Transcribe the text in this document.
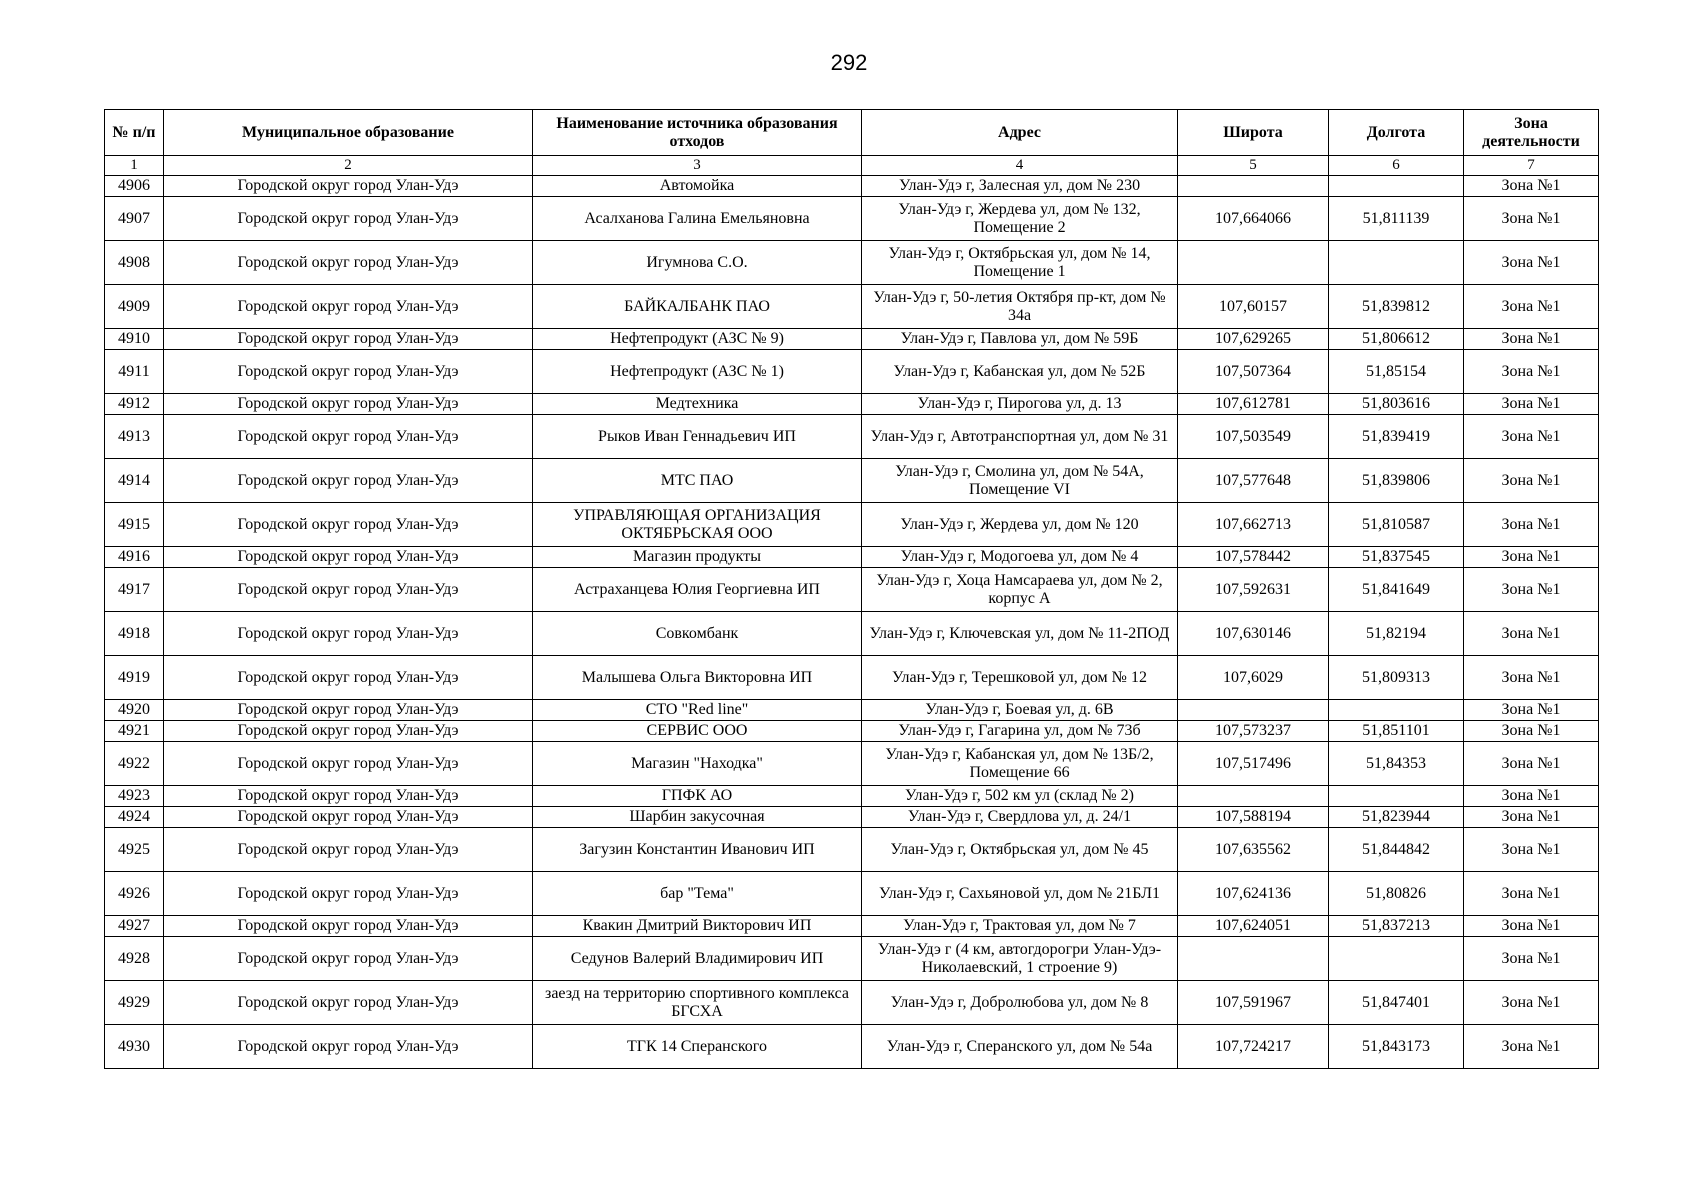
292
№ п/п	Муниципальное образование	Наименование источника образования отходов	Адрес	Широта	Долгота	Зона деятельности
1	2	3	4	5	6	7
4906	Городской округ город Улан-Удэ	Автомойка	Улан-Удэ г, Залесная ул, дом № 230			Зона №1
4907	Городской округ город Улан-Удэ	Асалханова Галина Емельяновна	Улан-Удэ г, Жердева ул, дом № 132, Помещение 2	107,664066	51,811139	Зона №1
4908	Городской округ город Улан-Удэ	Игумнова С.О.	Улан-Удэ г, Октябрьская ул, дом № 14, Помещение 1			Зона №1
4909	Городской округ город Улан-Удэ	БАЙКАЛБАНК ПАО	Улан-Удэ г, 50-летия Октября пр-кт, дом № 34а	107,60157	51,839812	Зона №1
4910	Городской округ город Улан-Удэ	Нефтепродукт (АЗС № 9)	Улан-Удэ г, Павлова ул, дом № 59Б	107,629265	51,806612	Зона №1
4911	Городской округ город Улан-Удэ	Нефтепродукт (АЗС № 1)	Улан-Удэ г, Кабанская ул, дом № 52Б	107,507364	51,85154	Зона №1
4912	Городской округ город Улан-Удэ	Медтехника	Улан-Удэ г, Пирогова ул, д. 13	107,612781	51,803616	Зона №1
4913	Городской округ город Улан-Удэ	Рыков Иван Геннадьевич ИП	Улан-Удэ г, Автотранспортная ул, дом № 31	107,503549	51,839419	Зона №1
4914	Городской округ город Улан-Удэ	МТС ПАО	Улан-Удэ г, Смолина ул, дом № 54А, Помещение VI	107,577648	51,839806	Зона №1
4915	Городской округ город Улан-Удэ	УПРАВЛЯЮЩАЯ ОРГАНИЗАЦИЯ ОКТЯБРЬСКАЯ ООО	Улан-Удэ г, Жердева ул, дом № 120	107,662713	51,810587	Зона №1
4916	Городской округ город Улан-Удэ	Магазин продукты	Улан-Удэ г, Модогоева ул, дом № 4	107,578442	51,837545	Зона №1
4917	Городской округ город Улан-Удэ	Астраханцева Юлия Георгиевна ИП	Улан-Удэ г, Хоца Намсараева ул, дом № 2, корпус А	107,592631	51,841649	Зона №1
4918	Городской округ город Улан-Удэ	Совкомбанк	Улан-Удэ г, Ключевская ул, дом № 11-2ПОД	107,630146	51,82194	Зона №1
4919	Городской округ город Улан-Удэ	Малышева Ольга Викторовна ИП	Улан-Удэ г, Терешковой ул, дом № 12	107,6029	51,809313	Зона №1
4920	Городской округ город Улан-Удэ	СТО "Red line"	Улан-Удэ г, Боевая ул, д. 6В			Зона №1
4921	Городской округ город Улан-Удэ	СЕРВИС ООО	Улан-Удэ г, Гагарина ул, дом № 73б	107,573237	51,851101	Зона №1
4922	Городской округ город Улан-Удэ	Магазин "Находка"	Улан-Удэ г, Кабанская ул, дом № 13Б/2, Помещение 66	107,517496	51,84353	Зона №1
4923	Городской округ город Улан-Удэ	ГПФК АО	Улан-Удэ г, 502 км ул (склад № 2)			Зона №1
4924	Городской округ город Улан-Удэ	Шарбин закусочная	Улан-Удэ г, Свердлова ул, д. 24/1	107,588194	51,823944	Зона №1
4925	Городской округ город Улан-Удэ	Загузин Константин Иванович ИП	Улан-Удэ г, Октябрьская ул, дом № 45	107,635562	51,844842	Зона №1
4926	Городской округ город Улан-Удэ	бар "Тема"	Улан-Удэ г, Сахьяновой ул, дом № 21БЛ1	107,624136	51,80826	Зона №1
4927	Городской округ город Улан-Удэ	Квакин Дмитрий Викторович ИП	Улан-Удэ г, Трактовая ул, дом № 7	107,624051	51,837213	Зона №1
4928	Городской округ город Улан-Удэ	Седунов Валерий Владимирович ИП	Улан-Удэ г (4 км, автогдорогри Улан-Удэ- Николаевский, 1 строение 9)			Зона №1
4929	Городской округ город Улан-Удэ	заезд на территорию спортивного комплекса БГСХА	Улан-Удэ г, Добролюбова ул, дом № 8	107,591967	51,847401	Зона №1
4930	Городской округ город Улан-Удэ	ТГК 14 Сперанского	Улан-Удэ г, Сперанского ул, дом № 54а	107,724217	51,843173	Зона №1
